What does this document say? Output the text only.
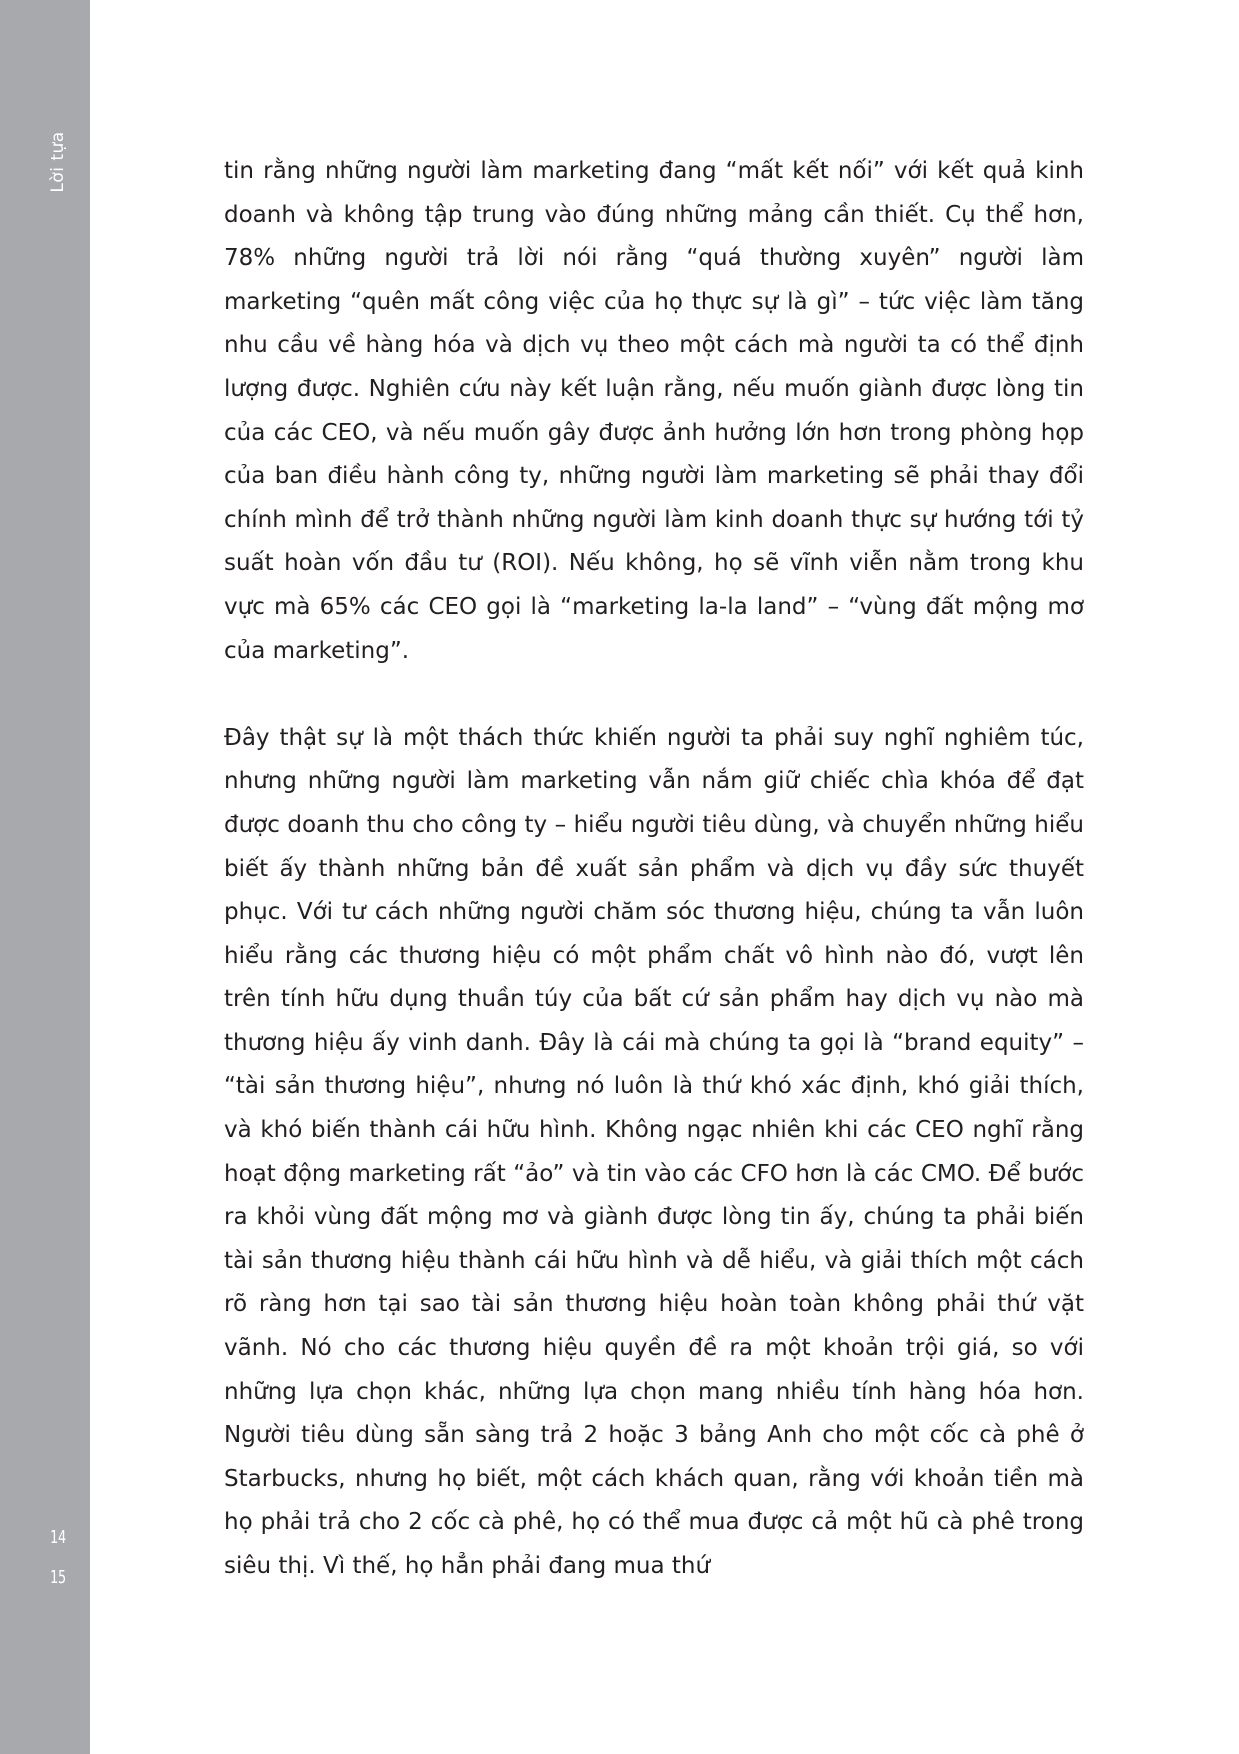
Lời tựa
14
15

tin rằng những người làm marketing đang “mất kết nối” với kết quả kinh doanh và không tập trung vào đúng những mảng cần thiết. Cụ thể hơn, 78% những người trả lời nói rằng “quá thường xuyên” người làm marketing “quên mất công việc của họ thực sự là gì” – tức việc làm tăng nhu cầu về hàng hóa và dịch vụ theo một cách mà người ta có thể định lượng được. Nghiên cứu này kết luận rằng, nếu muốn giành được lòng tin của các CEO, và nếu muốn gây được ảnh hưởng lớn hơn trong phòng họp của ban điều hành công ty, những người làm marketing sẽ phải thay đổi chính mình để trở thành những người làm kinh doanh thực sự hướng tới tỷ suất hoàn vốn đầu tư (ROI). Nếu không, họ sẽ vĩnh viễn nằm trong khu vực mà 65% các CEO gọi là “marketing la-la land” – “vùng đất mộng mơ của marketing”.

Đây thật sự là một thách thức khiến người ta phải suy nghĩ nghiêm túc, nhưng những người làm marketing vẫn nắm giữ chiếc chìa khóa để đạt được doanh thu cho công ty – hiểu người tiêu dùng, và chuyển những hiểu biết ấy thành những bản đề xuất sản phẩm và dịch vụ đầy sức thuyết phục. Với tư cách những người chăm sóc thương hiệu, chúng ta vẫn luôn hiểu rằng các thương hiệu có một phẩm chất vô hình nào đó, vượt lên trên tính hữu dụng thuần túy của bất cứ sản phẩm hay dịch vụ nào mà thương hiệu ấy vinh danh. Đây là cái mà chúng ta gọi là “brand equity” – “tài sản thương hiệu”, nhưng nó luôn là thứ khó xác định, khó giải thích, và khó biến thành cái hữu hình. Không ngạc nhiên khi các CEO nghĩ rằng hoạt động marketing rất “ảo” và tin vào các CFO hơn là các CMO. Để bước ra khỏi vùng đất mộng mơ và giành được lòng tin ấy, chúng ta phải biến tài sản thương hiệu thành cái hữu hình và dễ hiểu, và giải thích một cách rõ ràng hơn tại sao tài sản thương hiệu hoàn toàn không phải thứ vặt vãnh. Nó cho các thương hiệu quyền đề ra một khoản trội giá, so với những lựa chọn khác, những lựa chọn mang nhiều tính hàng hóa hơn. Người tiêu dùng sẵn sàng trả 2 hoặc 3 bảng Anh cho một cốc cà phê ở Starbucks, nhưng họ biết, một cách khách quan, rằng với khoản tiền mà họ phải trả cho 2 cốc cà phê, họ có thể mua được cả một hũ cà phê trong siêu thị. Vì thế, họ hẳn phải đang mua thứ
